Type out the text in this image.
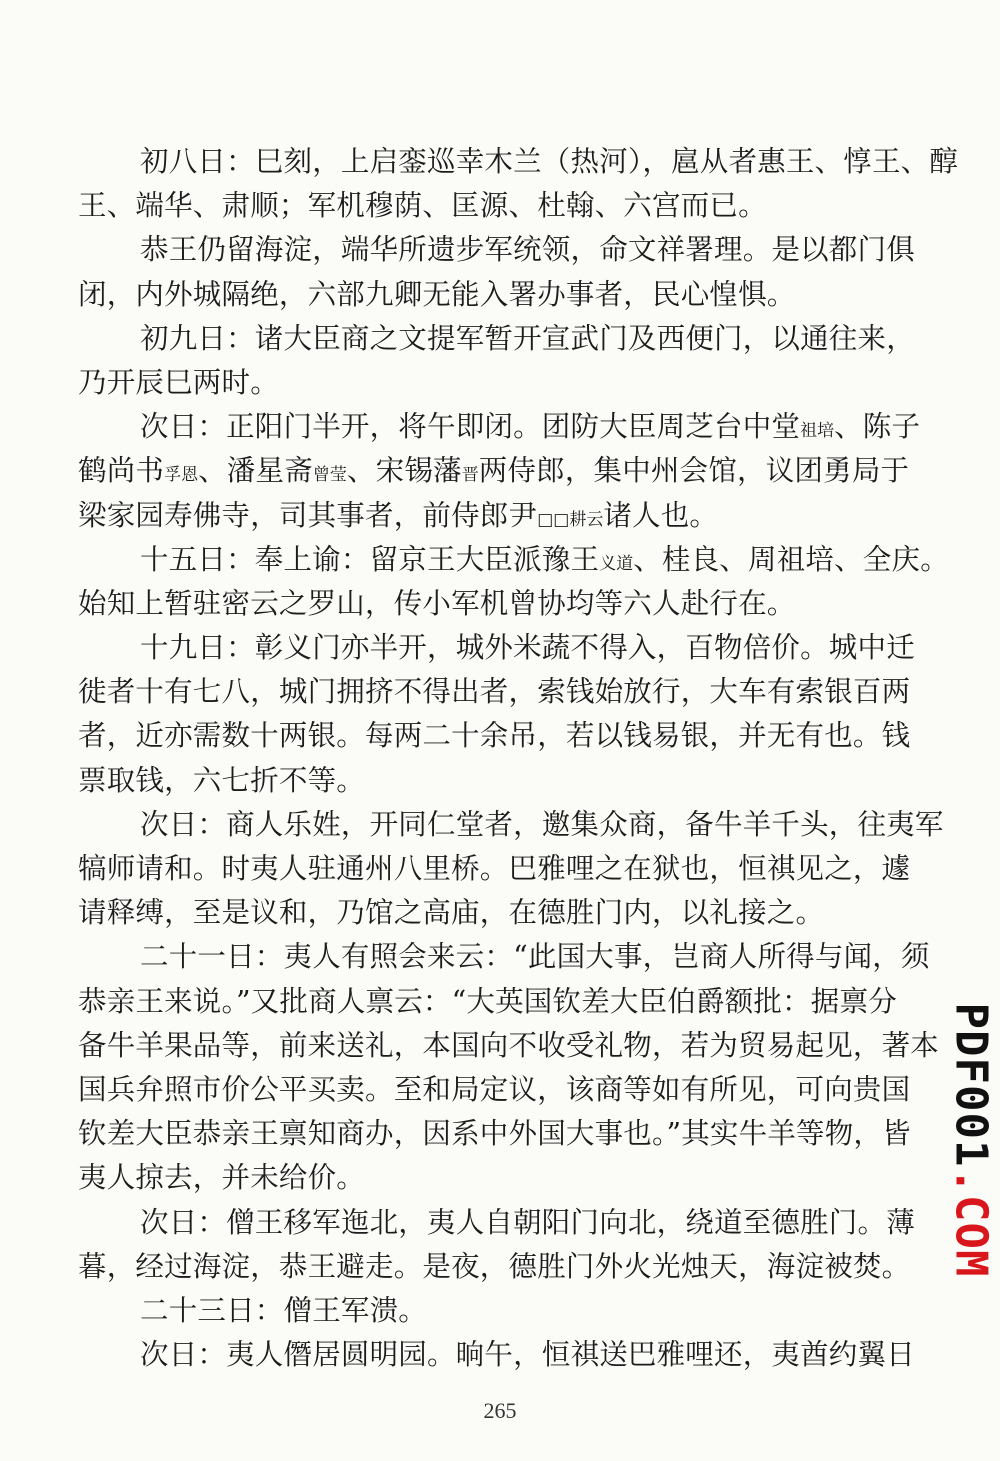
初八日：巳刻，上启銮巡幸木兰（热河），扈从者惠王、惇王、醇
王、端华、肃顺；军机穆荫、匡源、杜翰、六宫而已。
恭王仍留海淀，端华所遗步军统领，命文祥署理。是以都门俱
闭，内外城隔绝，六部九卿无能入署办事者，民心惶惧。
初九日：诸大臣商之文提军暂开宣武门及西便门，以通往来，
乃开辰巳两时。
次日：正阳门半开，将午即闭。团防大臣周芝台中堂祖培、陈子
鹤尚书孚恩、潘星斋曾莹、宋锡藩晋两侍郎，集中州会馆，议团勇局于
梁家园寿佛寺，司其事者，前侍郎尹□□耕云诸人也。
十五日：奉上谕：留京王大臣派豫王义道、桂良、周祖培、全庆。
始知上暂驻密云之罗山，传小军机曾协均等六人赴行在。
十九日：彰义门亦半开，城外米蔬不得入，百物倍价。城中迁
徙者十有七八，城门拥挤不得出者，索钱始放行，大车有索银百两
者，近亦需数十两银。每两二十余吊，若以钱易银，并无有也。钱
票取钱，六七折不等。
次日：商人乐姓，开同仁堂者，邀集众商，备牛羊千头，往夷军
犒师请和。时夷人驻通州八里桥。巴雅哩之在狱也，恒祺见之，遽
请释缚，至是议和，乃馆之高庙，在德胜门内，以礼接之。
二十一日：夷人有照会来云：“此国大事，岂商人所得与闻，须
恭亲王来说。”又批商人禀云：“大英国钦差大臣伯爵额批：据禀分
备牛羊果品等，前来送礼，本国向不收受礼物，若为贸易起见，著本
国兵弁照市价公平买卖。至和局定议，该商等如有所见，可向贵国
钦差大臣恭亲王禀知商办，因系中外国大事也。”其实牛羊等物，皆
夷人掠去，并未给价。
次日：僧王移军迤北，夷人自朝阳门向北，绕道至德胜门。薄
暮，经过海淀，恭王避走。是夜，德胜门外火光烛天，海淀被焚。
二十三日：僧王军溃。
次日：夷人僭居圆明园。晌午，恒祺送巴雅哩还，夷酋约翼日
265
PDF001.COM
